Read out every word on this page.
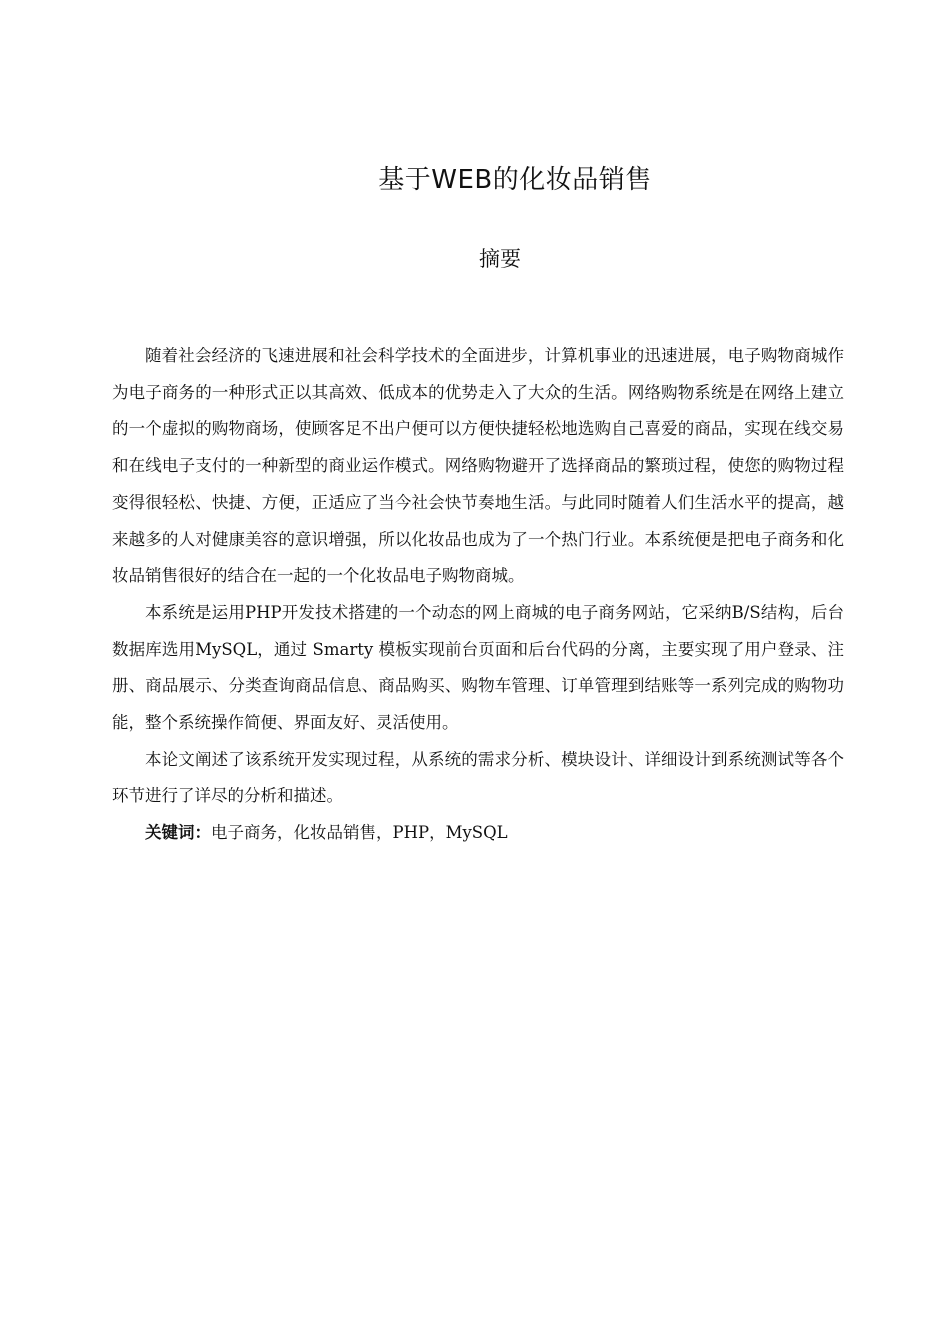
基于WEB的化妆品销售
摘要

随着社会经济的飞速进展和社会科学技术的全面进步，计算机事业的迅速进展，电子购物商城作为电子商务的一种形式正以其高效、低成本的优势走入了大众的生活。网络购物系统是在网络上建立的一个虚拟的购物商场，使顾客足不出户便可以方便快捷轻松地选购自己喜爱的商品，实现在线交易和在线电子支付的一种新型的商业运作模式。网络购物避开了选择商品的繁琐过程，使您的购物过程变得很轻松、快捷、方便，正适应了当今社会快节奏地生活。与此同时随着人们生活水平的提高，越来越多的人对健康美容的意识增强，所以化妆品也成为了一个热门行业。本系统便是把电子商务和化妆品销售很好的结合在一起的一个化妆品电子购物商城。

本系统是运用PHP开发技术搭建的一个动态的网上商城的电子商务网站，它采纳B/S结构，后台数据库选用MySQL，通过 Smarty 模板实现前台页面和后台代码的分离，主要实现了用户登录、注册、商品展示、分类查询商品信息、商品购买、购物车管理、订单管理到结账等一系列完成的购物功能，整个系统操作简便、界面友好、灵活使用。

本论文阐述了该系统开发实现过程，从系统的需求分析、模块设计、详细设计到系统测试等各个环节进行了详尽的分析和描述。

关键词：电子商务，化妆品销售，PHP，MySQL
